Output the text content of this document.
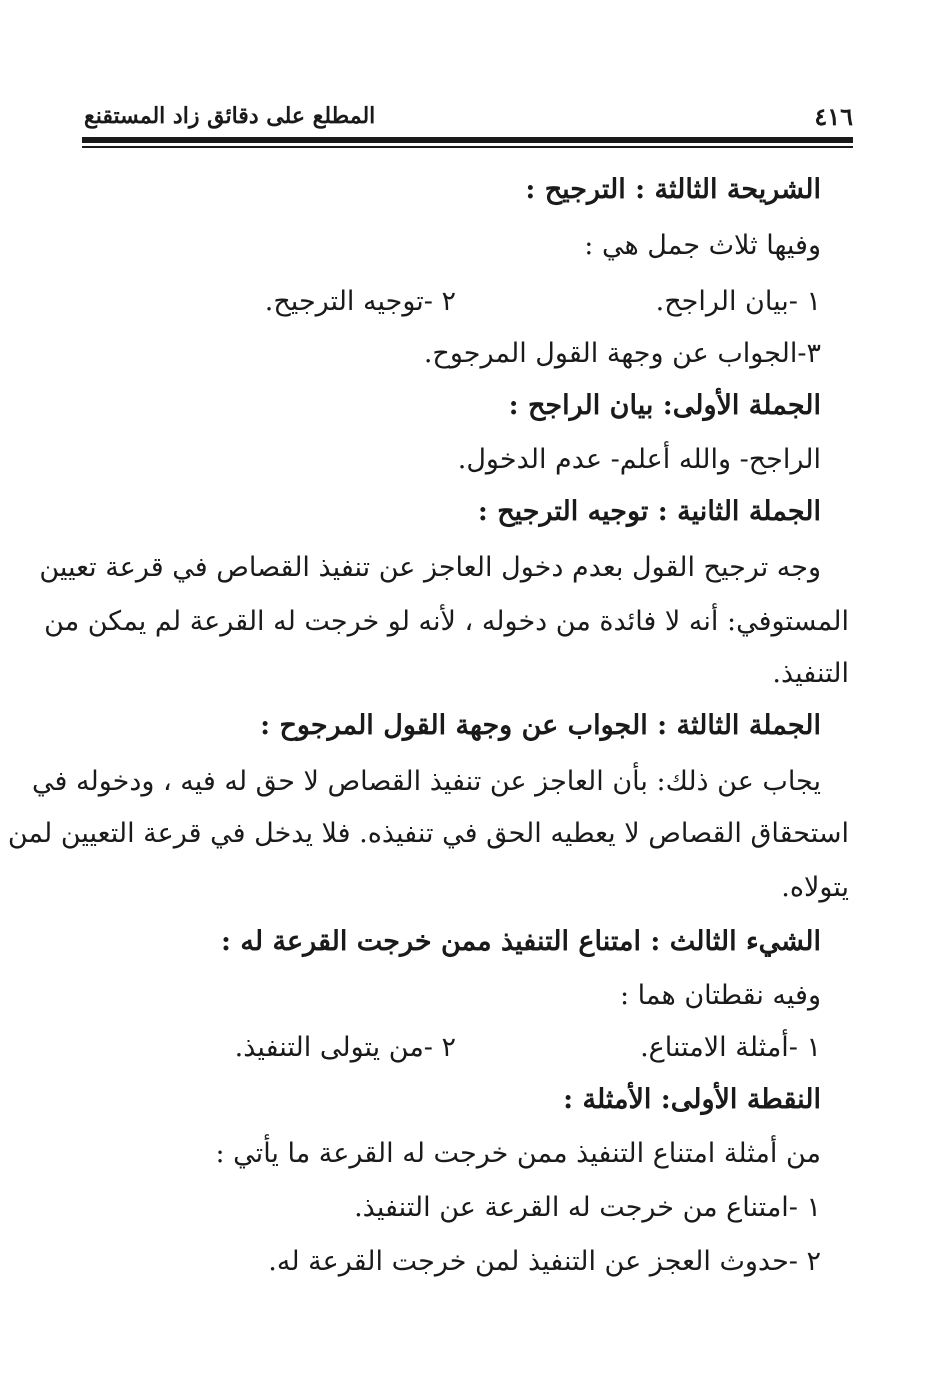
٤١٦
المطلع على دقائق زاد المستقنع
الشريحة الثالثة : الترجيح :
وفيها ثلاث جمل هي :
١ -بيان الراجح.
٢ -توجيه الترجيح.
٣-الجواب عن وجهة القول المرجوح.
الجملة الأولى: بيان الراجح :
الراجح- والله أعلم- عدم الدخول.
الجملة الثانية : توجيه الترجيح :
وجه ترجيح القول بعدم دخول العاجز عن تنفيذ القصاص في قرعة تعيين
المستوفي: أنه لا فائدة من دخوله ، لأنه لو خرجت له القرعة لم يمكن من
التنفيذ.
الجملة الثالثة : الجواب عن وجهة القول المرجوح :
يجاب عن ذلك: بأن العاجز عن تنفيذ القصاص لا حق له فيه ، ودخوله في
استحقاق القصاص لا يعطيه الحق في تنفيذه. فلا يدخل في قرعة التعيين لمن
يتولاه.
الشيء الثالث : امتناع التنفيذ ممن خرجت القرعة له :
وفيه نقطتان هما :
١ -أمثلة الامتناع.
٢ -من يتولى التنفيذ.
النقطة الأولى: الأمثلة :
من أمثلة امتناع التنفيذ ممن خرجت له القرعة ما يأتي :
١ -امتناع من خرجت له القرعة عن التنفيذ.
٢ -حدوث العجز عن التنفيذ لمن خرجت القرعة له.
